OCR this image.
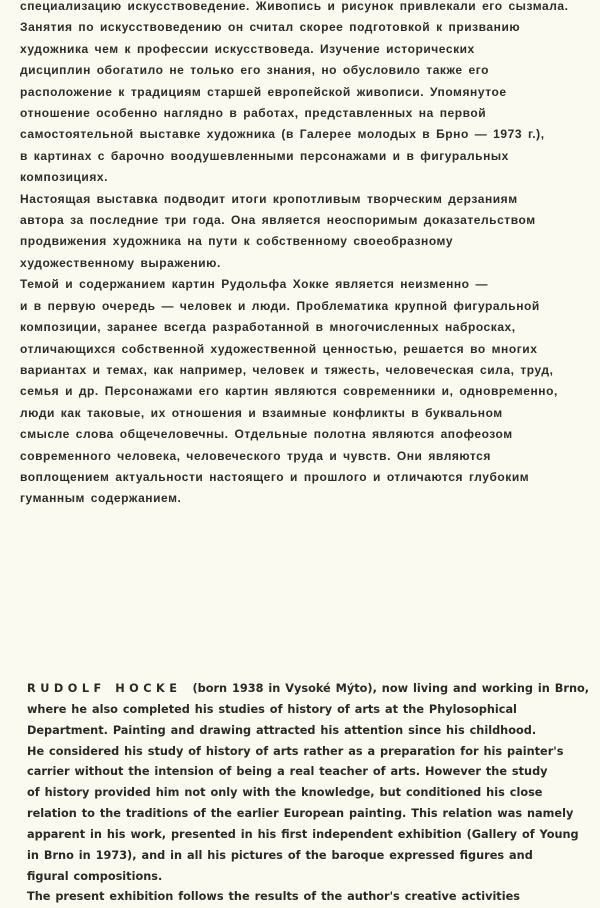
специализацию искусствоведение. Живопись и рисунок привлекали его сызмала.
Занятия по искусствоведению он считал скорее подготовкой к призванию
художника чем к профессии искусствоведа. Изучение исторических
дисциплин обогатило не только его знания, но обусловило также его
расположение к традициям старшей европейской живописи. Упомянутое
отношение особенно наглядно в работах, представленных на первой
самостоятельной выставке художника (в Галерее молодых в Брно — 1973 г.),
в картинах с барочно воодушевленными персонажами и в фигуральных
композициях.
Настоящая выставка подводит итоги кропотливым творческим дерзаниям
автора за последние три года. Она является неоспоримым доказательством
продвижения художника на пути к собственному своеобразному
художественному выражению.
Темой и содержанием картин Рудольфа Хокке является неизменно —
и в первую очередь — человек и люди. Проблематика крупной фигуральной
композиции, заранее всегда разработанной в многочисленных набросках,
отличающихся собственной художественной ценностью, решается во многих
вариантах и темах, как например, человек и тяжесть, человеческая сила, труд,
семья и др. Персонажами его картин являются современники и, одновременно,
люди как таковые, их отношения и взаимные конфликты в буквальном
смысле слова общечеловечны. Отдельные полотна являются апофеозом
современного человека, человеческого труда и чувств. Они являются
воплощением актуальности настоящего и прошлого и отличаются глубоким
гуманным содержанием.
RUDOLF HOCKE (born 1938 in Vysoké Mýto), now living and working in Brno,
where he also completed his studies of history of arts at the Phylosophical
Department. Painting and drawing attracted his attention since his childhood.
He considered his study of history of arts rather as a preparation for his painter's
carrier without the intension of being a real teacher of arts. However the study
of history provided him not only with the knowledge, but conditioned his close
relation to the traditions of the earlier European painting. This relation was namely
apparent in his work, presented in his first independent exhibition (Gallery of Young
in Brno in 1973), and in all his pictures of the baroque expressed figures and
figural compositions.
The present exhibition follows the results of the author's creative activities
